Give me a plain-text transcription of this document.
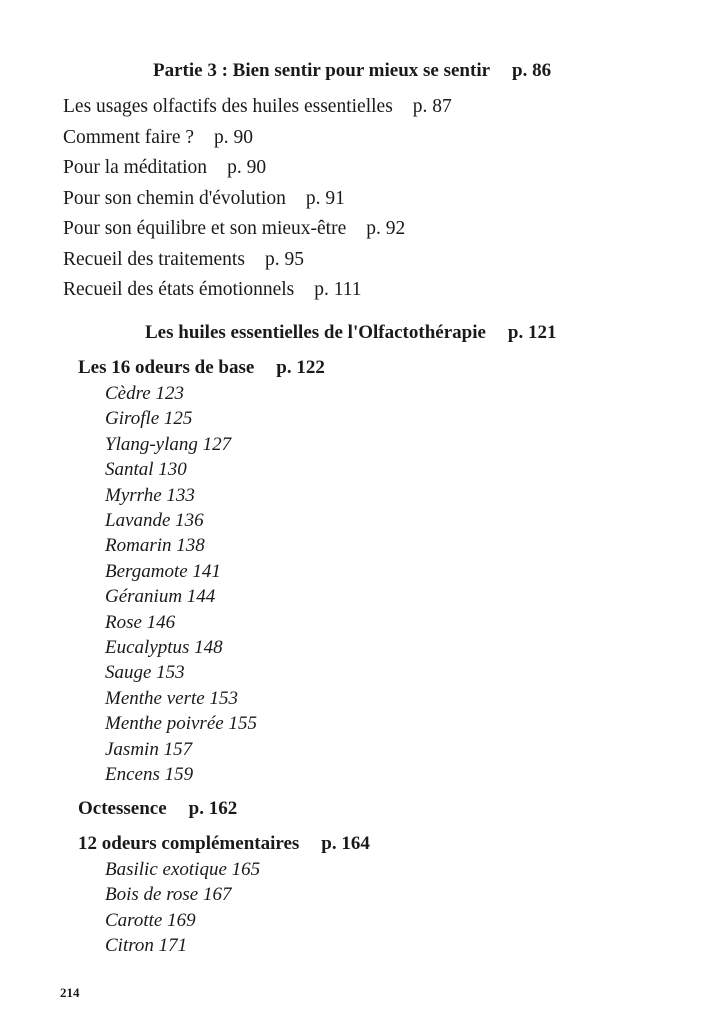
Partie 3 : Bien sentir pour mieux se sentir p. 86
Les usages olfactifs des huiles essentielles p. 87
Comment faire ? p. 90
Pour la méditation p. 90
Pour son chemin d'évolution p. 91
Pour son équilibre et son mieux-être p. 92
Recueil des traitements p. 95
Recueil des états émotionnels p. 111
Les huiles essentielles de l'Olfactothérapie p. 121
Les 16 odeurs de base p. 122
Cèdre 123
Girofle 125
Ylang-ylang 127
Santal 130
Myrrhe 133
Lavande 136
Romarin 138
Bergamote 141
Géranium 144
Rose 146
Eucalyptus 148
Sauge 153
Menthe verte 153
Menthe poivrée 155
Jasmin 157
Encens 159
Octessence p. 162
12 odeurs complémentaires p. 164
Basilic exotique 165
Bois de rose 167
Carotte 169
Citron 171
214
